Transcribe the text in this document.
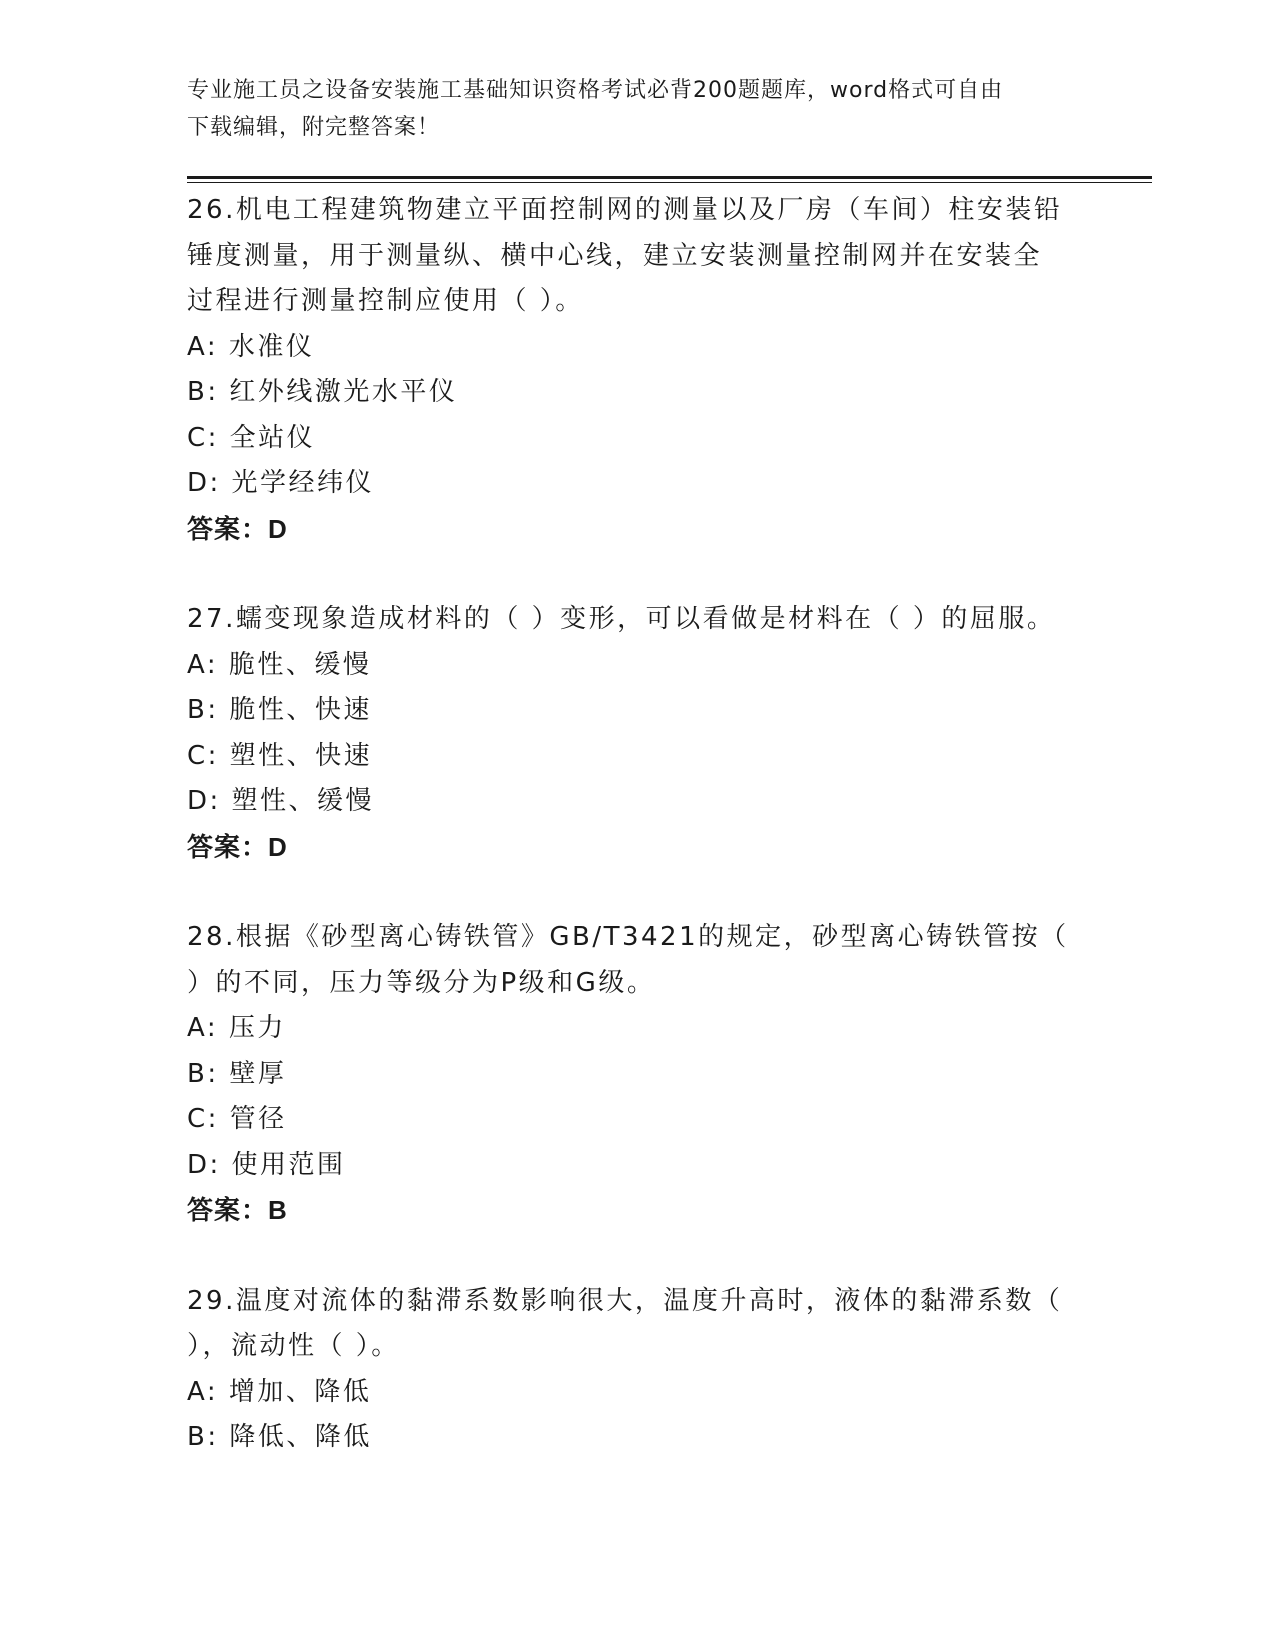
专业施工员之设备安装施工基础知识资格考试必背200题题库，word格式可自由
下载编辑，附完整答案！
26.机电工程建筑物建立平面控制网的测量以及厂房（车间）柱安装铅
锤度测量，用于测量纵、横中心线，建立安装测量控制网并在安装全
过程进行测量控制应使用（ ）。
A: 水准仪
B: 红外线激光水平仪
C: 全站仪
D: 光学经纬仪
答案：D
27.蠕变现象造成材料的（ ）变形，可以看做是材料在（ ）的屈服。
A: 脆性、缓慢
B: 脆性、快速
C: 塑性、快速
D: 塑性、缓慢
答案：D
28.根据《砂型离心铸铁管》GB/T3421的规定，砂型离心铸铁管按（
）的不同，压力等级分为P级和G级。
A: 压力
B: 壁厚
C: 管径
D: 使用范围
答案：B
29.温度对流体的黏滞系数影响很大，温度升高时，液体的黏滞系数（
），流动性（ ）。
A: 增加、降低
B: 降低、降低
